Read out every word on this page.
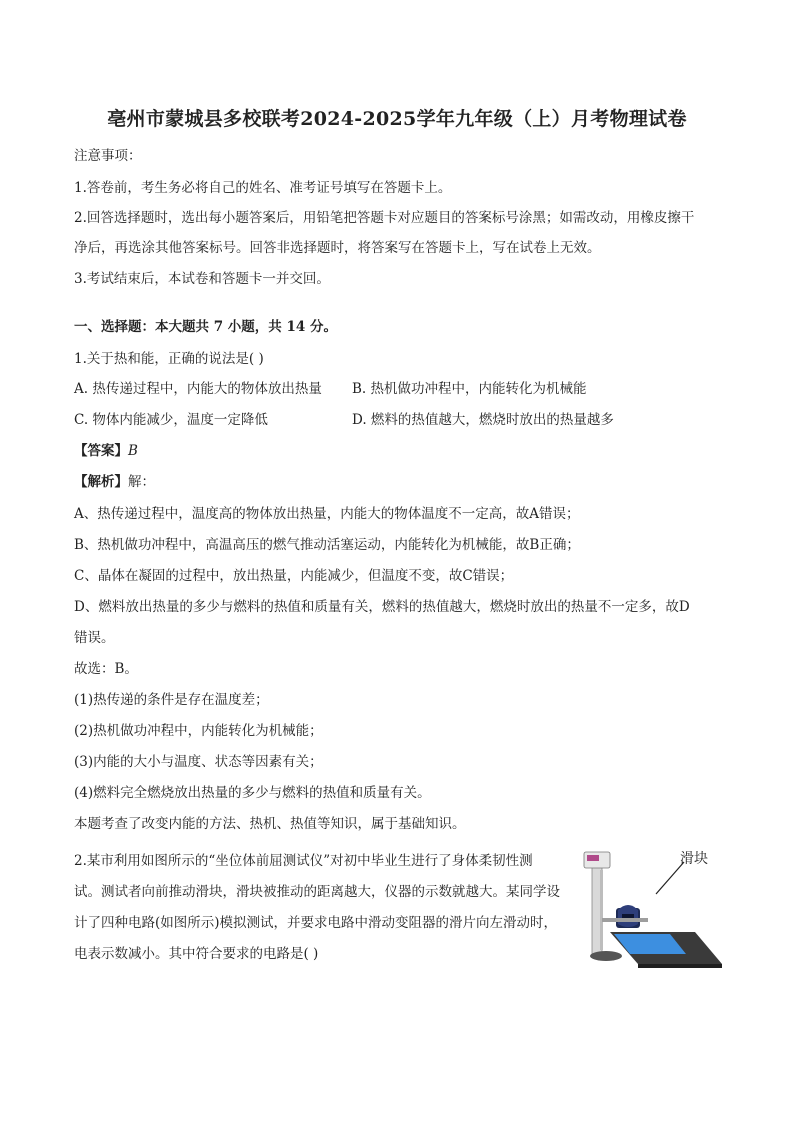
亳州市蒙城县多校联考2024-2025学年九年级（上）月考物理试卷
注意事项：
1.答卷前，考生务必将自己的姓名、准考证号填写在答题卡上。
2.回答选择题时，选出每小题答案后，用铅笔把答题卡对应题目的答案标号涂黑；如需改动，用橡皮擦干
净后，再选涂其他答案标号。回答非选择题时，将答案写在答题卡上，写在试卷上无效。
3.考试结束后，本试卷和答题卡一并交回。
一、选择题：本大题共 7 小题，共 14 分。
1.关于热和能，正确的说法是( )
A. 热传递过程中，内能大的物体放出热量 B. 热机做功冲程中，内能转化为机械能
C. 物体内能减少，温度一定降低	D. 燃料的热值越大，燃烧时放出的热量越多
【答案】B
【解析】解：
A、热传递过程中，温度高的物体放出热量，内能大的物体温度不一定高，故A错误；
B、热机做功冲程中，高温高压的燃气推动活塞运动，内能转化为机械能，故B正确；
C、晶体在凝固的过程中，放出热量，内能减少，但温度不变，故C错误；
D、燃料放出热量的多少与燃料的热值和质量有关，燃料的热值越大，燃烧时放出的热量不一定多，故D
错误。
故选：B。
(1)热传递的条件是存在温度差；
(2)热机做功冲程中，内能转化为机械能；
(3)内能的大小与温度、状态等因素有关；
(4)燃料完全燃烧放出热量的多少与燃料的热值和质量有关。
本题考查了改变内能的方法、热机、热值等知识，属于基础知识。
2.某市利用如图所示的“坐位体前屈测试仪”对初中毕业生进行了身体柔韧性测
试。测试者向前推动滑块，滑块被推动的距离越大，仪器的示数就越大。某同学设
计了四种电路(如图所示)模拟测试，并要求电路中滑动变阻器的滑片向左滑动时，
电表示数减小。其中符合要求的电路是( )
滑块
